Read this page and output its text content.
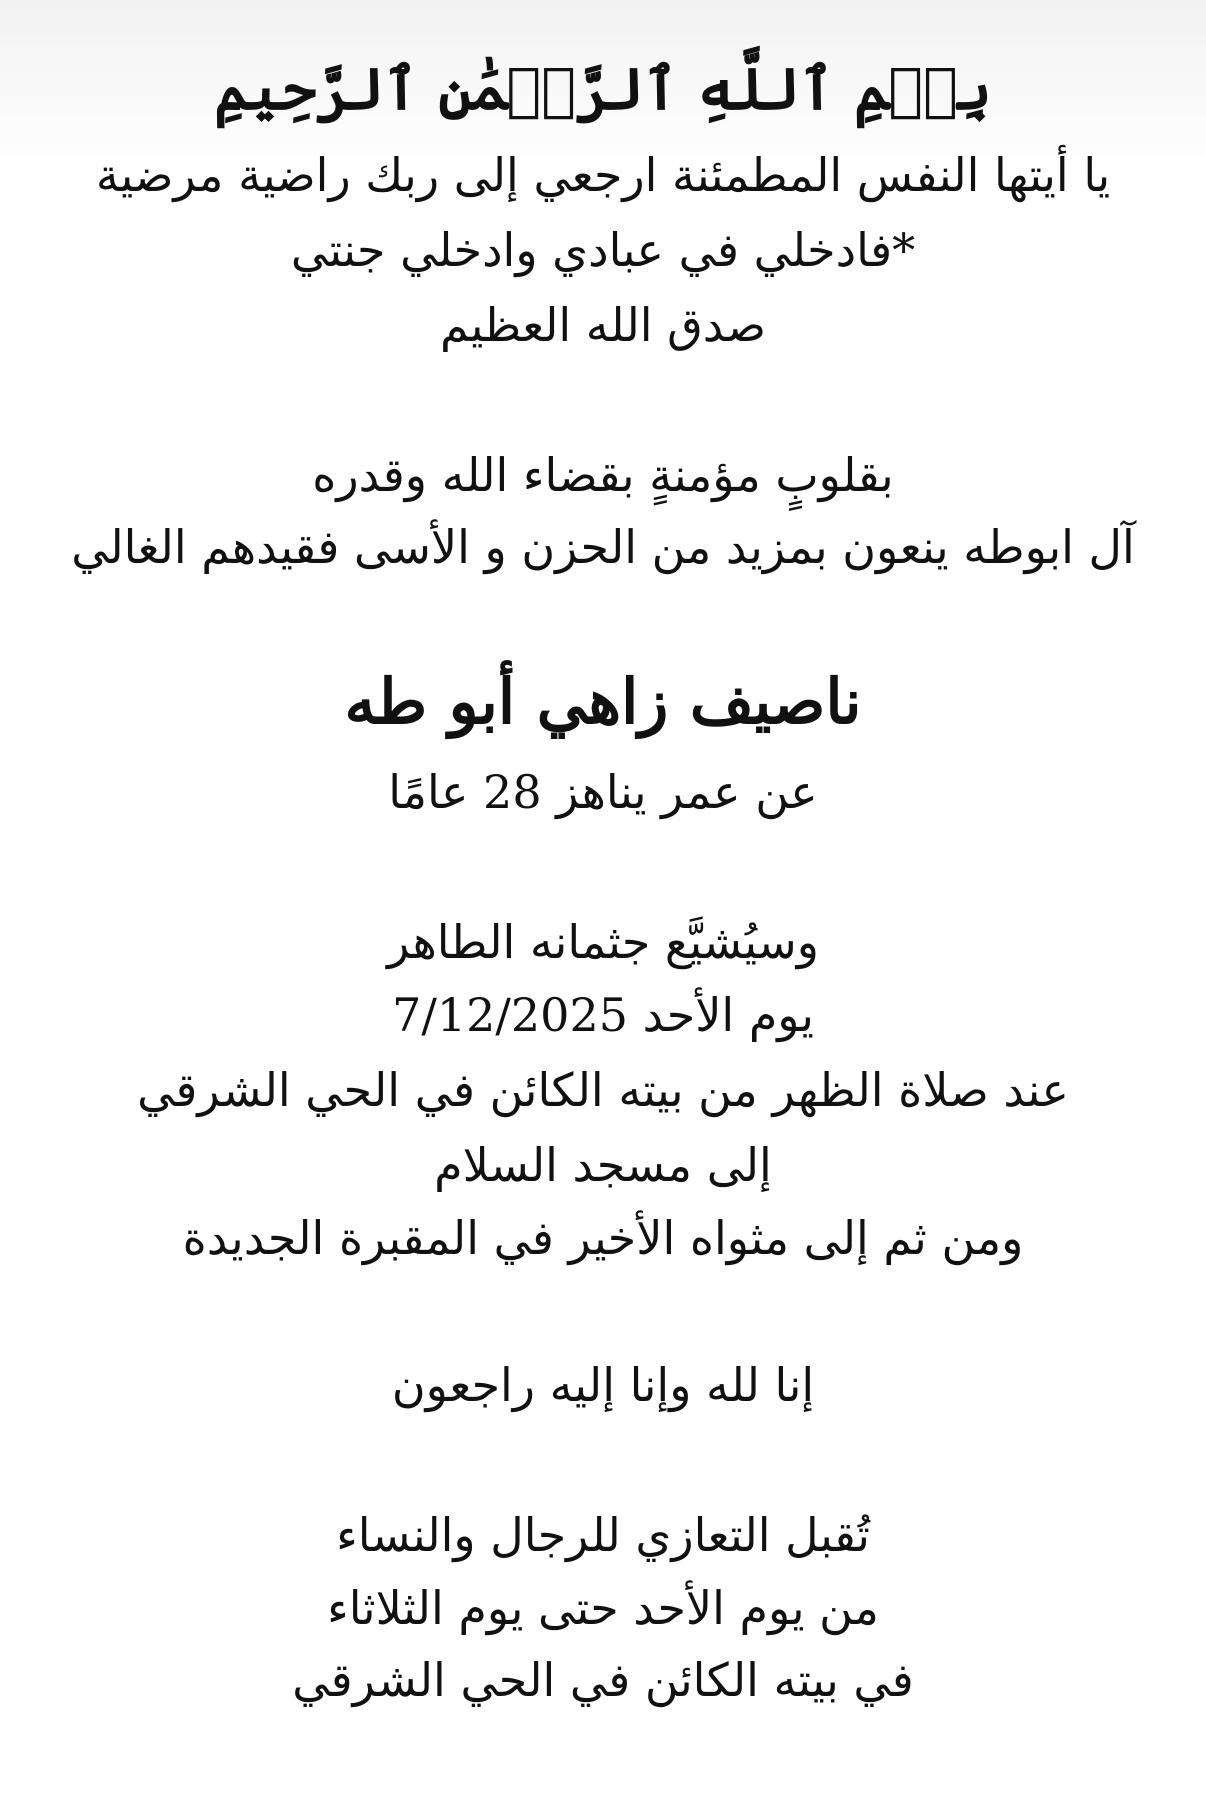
بِسۡمِ ٱللَّهِ ٱلرَّحۡمَٰنِ ٱلرَّحِيمِ
يا أيتها النفس المطمئنة ارجعي إلى ربك راضية مرضية
*فادخلي في عبادي وادخلي جنتي
صدق الله العظيم
بقلوبٍ مؤمنةٍ بقضاء الله وقدره
آل ابوطه ينعون بمزيد من الحزن و الأسى فقيدهم الغالي
ناصيف زاهي أبو طه
عن عمر يناهز 28 عامًا
وسيُشيَّع جثمانه الطاهر
يوم الأحد 7/12/2025
عند صلاة الظهر من بيته الكائن في الحي الشرقي
إلى مسجد السلام
ومن ثم إلى مثواه الأخير في المقبرة الجديدة
إنا لله وإنا إليه راجعون
تُقبل التعازي للرجال والنساء
من يوم الأحد حتى يوم الثلاثاء
في بيته الكائن في الحي الشرقي
